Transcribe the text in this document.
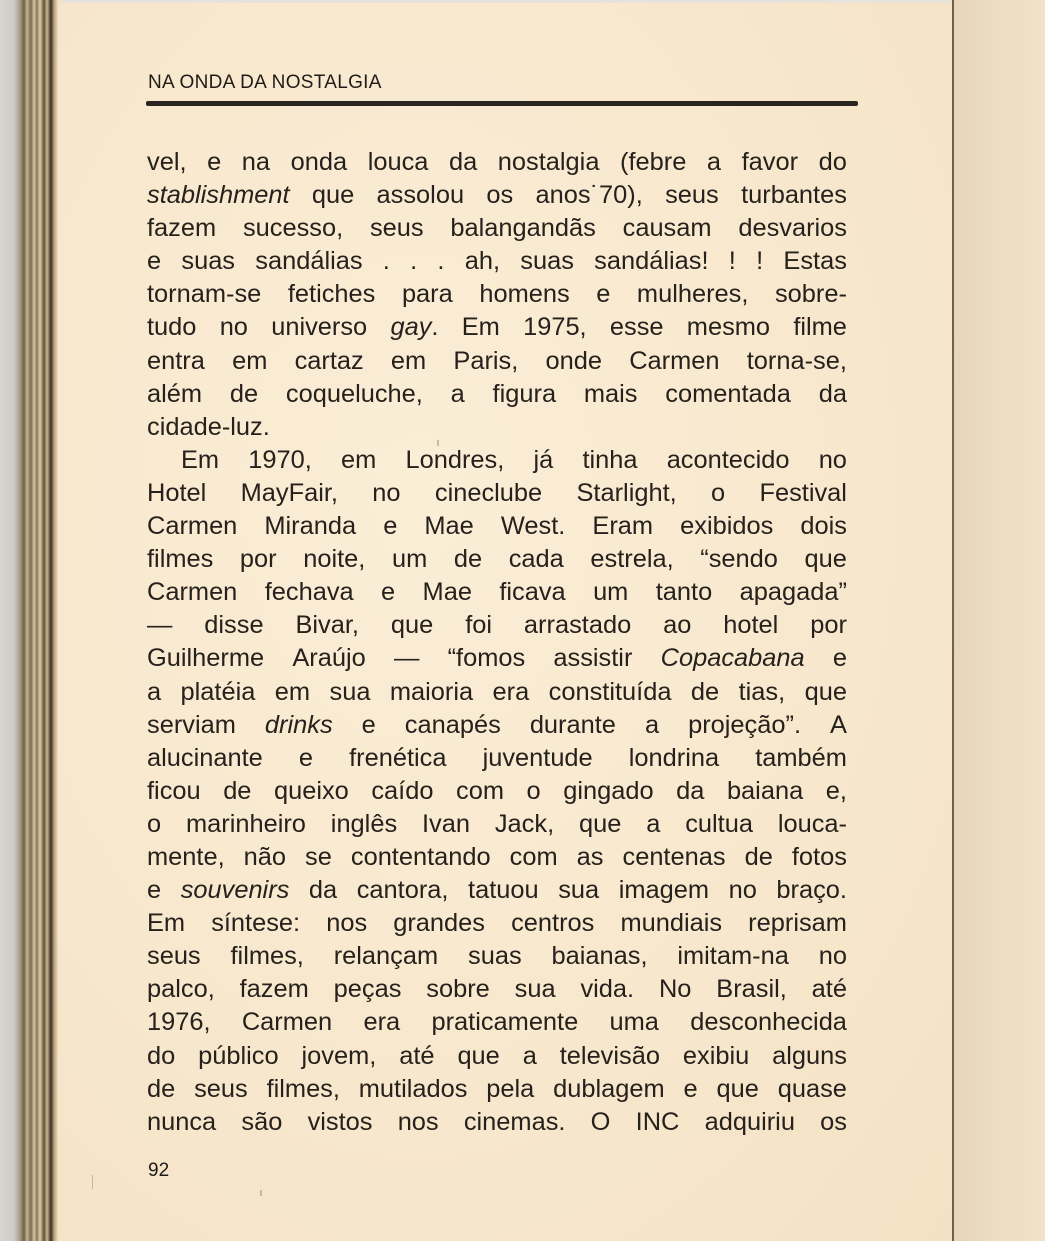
NA ONDA DA NOSTALGIA
vel, e na onda louca da nostalgia (febre a favor do
stablishment que assolou os anos˙70), seus turbantes
fazem sucesso, seus balangandãs causam desvarios
e suas sandálias . . . ah, suas sandálias! ! ! Estas
tornam-se fetiches para homens e mulheres, sobre-
tudo no universo gay. Em 1975, esse mesmo filme
entra em cartaz em Paris, onde Carmen torna-se,
além de coqueluche, a figura mais comentada da
cidade-luz.
Em 1970, em Londres, já tinha acontecido no
Hotel MayFair, no cineclube Starlight, o Festival
Carmen Miranda e Mae West. Eram exibidos dois
filmes por noite, um de cada estrela, “sendo que
Carmen fechava e Mae ficava um tanto apagada”
— disse Bivar, que foi arrastado ao hotel por
Guilherme Araújo — “fomos assistir Copacabana e
a platéia em sua maioria era constituída de tias, que
serviam drinks e canapés durante a projeção”. A
alucinante e frenética juventude londrina também
ficou de queixo caído com o gingado da baiana e,
o marinheiro inglês Ivan Jack, que a cultua louca-
mente, não se contentando com as centenas de fotos
e souvenirs da cantora, tatuou sua imagem no braço.
Em síntese: nos grandes centros mundiais reprisam
seus filmes, relançam suas baianas, imitam-na no
palco, fazem peças sobre sua vida. No Brasil, até
1976, Carmen era praticamente uma desconhecida
do público jovem, até que a televisão exibiu alguns
de seus filmes, mutilados pela dublagem e que quase
nunca são vistos nos cinemas. O INC adquiriu os
92
